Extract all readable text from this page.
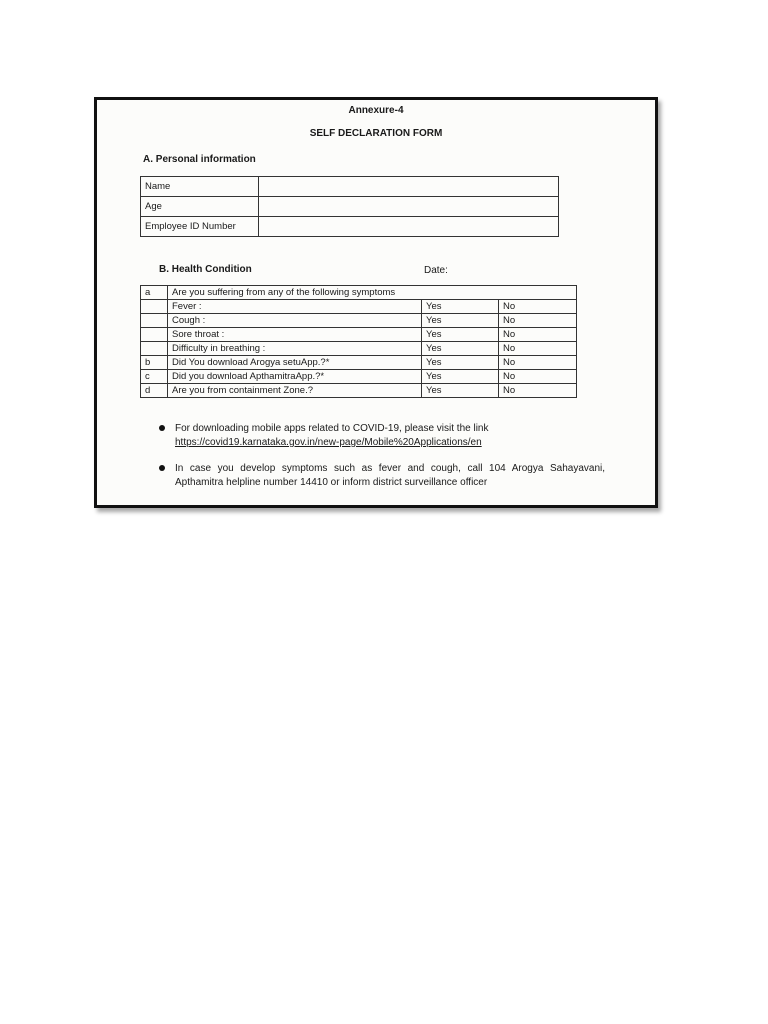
Annexure-4
SELF DECLARATION FORM
A. Personal information
Name	
Age	
Employee ID Number	
B. Health Condition	Date:
a	Are you suffering from any of the following symptoms		
	Fever :	Yes	No
	Cough :	Yes	No
	Sore throat :	Yes	No
	Difficulty in breathing :	Yes	No
b	Did You download Arogya setuApp.?*	Yes	No
c	Did you download ApthamitraApp.?*	Yes	No
d	Are you from containment Zone.?	Yes	No
For downloading mobile apps related to COVID-19, please visit the link
https://covid19.karnataka.gov.in/new-page/Mobile%20Applications/en
In case you develop symptoms such as fever and cough, call 104 Arogya Sahayavani, Apthamitra helpline number 14410 or inform district surveillance officer
